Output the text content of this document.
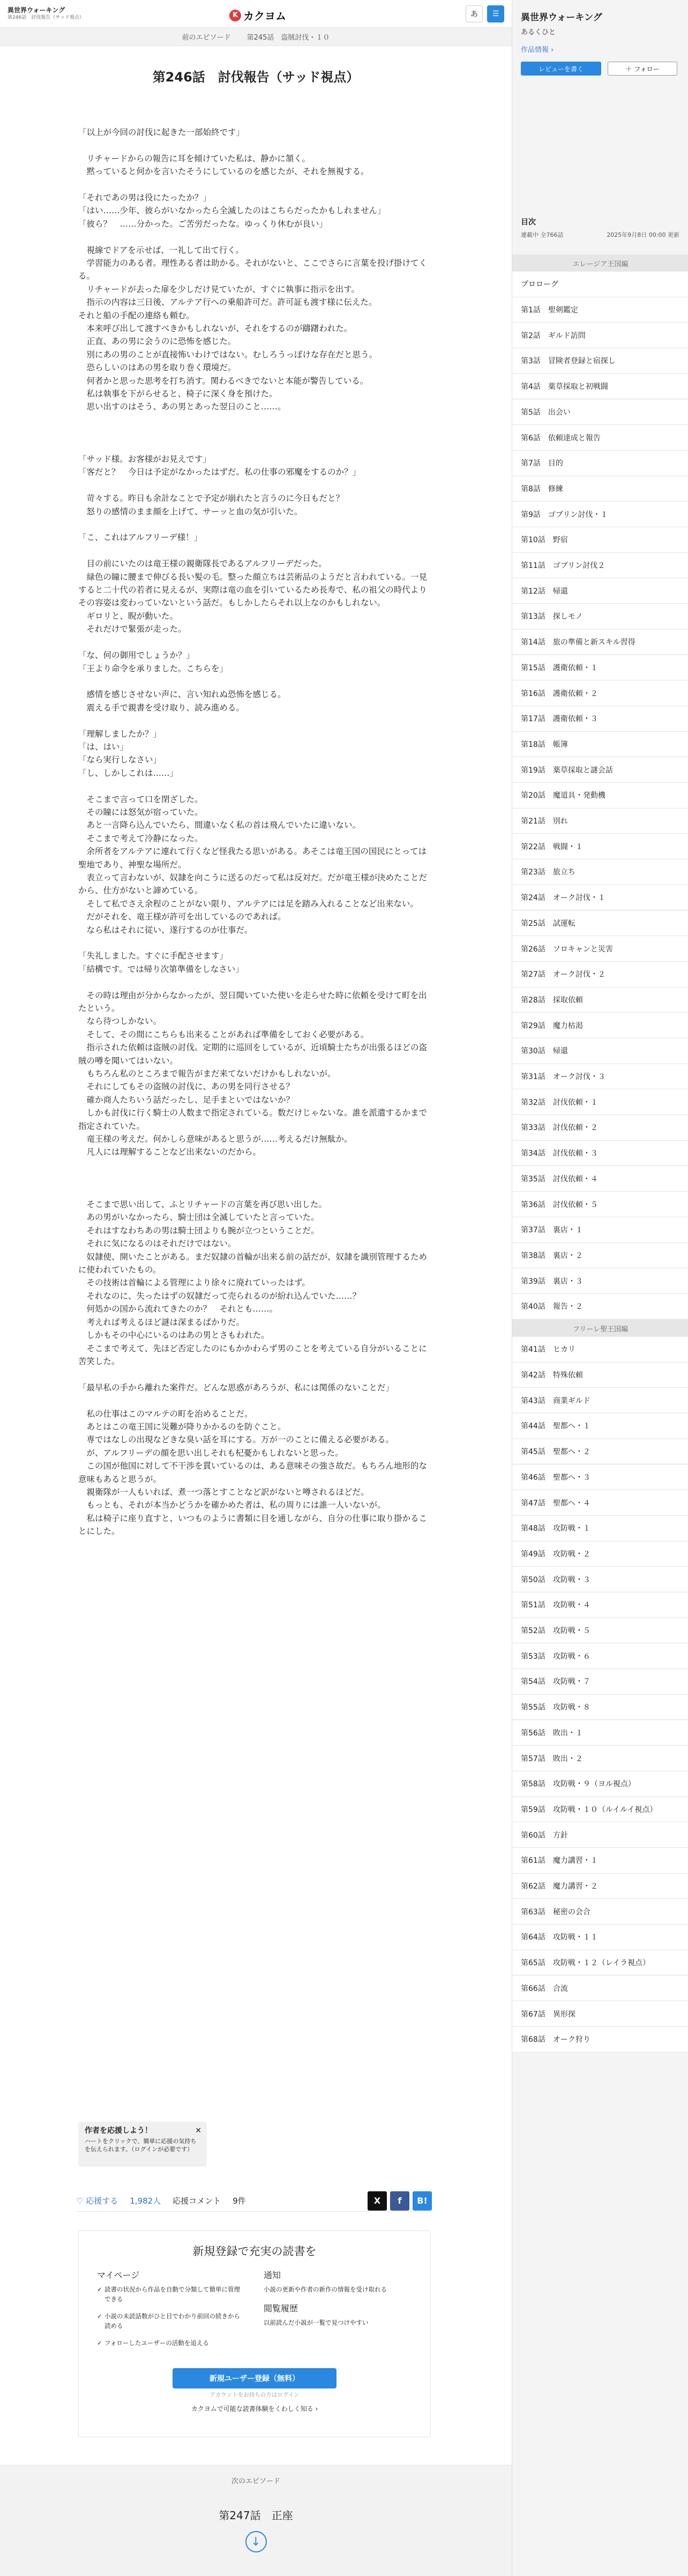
異世界ウォーキング
第246話　討伐報告（サッド視点）	K カクヨム	あ	☰
前のエピソード 第245話　盗賊討伐・１０
第246話　討伐報告（サッド視点）

「以上が今回の討伐に起きた一部始終です」

　リチャードからの報告に耳を傾けていた私は、静かに頷く。

　黙っていると何かを言いたそうにしているのを感じたが、それを無視する。

「それであの男は役にたったか？」

「はい……少年、彼らがいなかったら全滅したのはこちらだったかもしれません」

「彼ら？　……分かった。ご苦労だったな。ゆっくり休むが良い」

　視線でドアを示せば、一礼して出て行く。

　学習能力のある者。理性ある者は助かる。それがないと、ここでさらに言葉を投げ掛けてくる。

　リチャードが去った扉を少しだけ見ていたが、すぐに執事に指示を出す。

　指示の内容は三日後、アルテア行への乗船許可だ。許可証も渡す様に伝えた。

それと船の手配の連絡も頼む。

　本来呼び出して渡すべきかもしれないが、それをするのが躊躇われた。

　正直、あの男に会うのに恐怖を感じた。

　別にあの男のことが直接怖いわけではない。むしろうっぽけな存在だと思う。

　恐らしいのはあの男を取り巻く環境だ。

　何者かと思った思考を打ち消す。関わるべきでないと本能が警告している。

　私は執事を下がらせると、椅子に深く身を預けた。

　思い出すのはそう、あの男とあった翌日のこと……。

「サッド様。お客様がお見えです」

「客だと？　今日は予定がなかったはずだ。私の仕事の邪魔をするのか？」

　苛々する。昨日も余計なことで予定が崩れたと言うのに今日もだと？

　怒りの感情のまま顔を上げて、サーッと血の気が引いた。

「こ、これはアルフリーデ様！」

　目の前にいたのは竜王様の親衛隊長であるアルフリーデだった。

　緑色の瞳に腰まで伸びる長い髪の毛。整った顔立ちは芸術品のようだと言われている。一見すると二十代の若者に見えるが、実際は竜の血を引いているため長寿で、私の祖父の時代よりその容姿は変わっていないという話だ。もしかしたらそれ以上なのかもしれない。

　ギロリと、睨が動いた。

　それだけで緊張が走った。

「な、何の御用でしょうか？」

「王より命令を承りました。こちらを」

　感情を感じさせない声に、言い知れぬ恐怖を感じる。

　震える手で親書を受け取り、読み進める。

「理解しましたか？」

「は、はい」

「なら実行しなさい」

「し、しかしこれは……」

　そこまで言って口を閉ざした。

　その瞳には怒気が宿っていた。

　あと一言降ら込んでいたら、間違いなく私の首は飛んでいたに違いない。

　そこまで考えて冷静になった。

　余所者をアルテアに連れて行くなど怪我たる思いがある。あそこは竜王国の国民にとっては聖地であり、神聖な場所だ。

　表立って言わないが、奴隷を向こうに送るのだって私は反対だ。だが竜王様が決めたことだから、仕方がないと諦めている。

　そして私でさえ余程のことがない限り、アルテアには足を踏み入れることなど出来ない。

　だがそれを、竜王様が許可を出しているのであれば。

　なら私はそれに従い、遂行するのが仕事だ。

「失礼しました。すぐに手配させます」

「結構です。では帰り次第準備をしなさい」

　その時は理由が分からなかったが、翌日聞いていた使いを走らせた時に依頼を受けて町を出たという。

　なら待つしかない。

　そして、その間にこちらも出来ることがあれば準備をしておく必要がある。

　指示された依頼は盗賊の討伐。定期的に巡回をしているが、近頃騎士たちが出張るほどの盗賊の噂を聞いてはいない。

　もちろん私のところまで報告がまだ来てないだけかもしれないが。

　それにしてもその盗賊の討伐に、あの男を同行させる？

　確か商人たちいう話だったし、足手まといではないか？

　しかも討伐に行く騎士の人数まで指定されている。数だけじゃないな。誰を派遣するかまで指定されていた。

　竜王様の考えだ。何かしら意味があると思うが……考えるだけ無駄か。

　凡人には理解することなど出来ないのだから。

　そこまで思い出して、ふとリチャードの言葉を再び思い出した。

　あの男がいなかったら、騎士団は全滅していたと言っていた。

　それはすなわちあの男は騎士団よりも腕が立つということだ。

　それに気になるのはそれだけではない。

　奴隷使、開いたことがある。まだ奴隷の首輪が出来る前の話だが、奴隷を識別管理するために使われていたもの。

　その技術は首輪による管理により徐々に廃れていったはず。

　それなのに、失ったはずの奴隷だって売られるのが紛れ込んでいた……？

　何処かの国から流れてきたのか？　それとも……。

　考えれば考えるほど謎は深まるばかりだ。

　しかもその中心にいるのはあの男とさもわれた。

　そこまで考えて、先ほど否定したのにもかかわらず男のことを考えている自分がいることに苦笑した。

「最早私の手から離れた案件だ。どんな思惑があろうが、私には関係のないことだ」

　私の仕事はこのマルテの町を治めることだ。

　あとはこの竜王国に災難が降りかかるのを防ぐこと。

　専ではなしの出現などきな臭い話を耳にする。万が一のことに備える必要がある。

　が、アルフリーデの顔を思い出しそれも杞憂かもしれないと思った。

　この国が他国に対して不干渉を貫いているのは、ある意味その強さ故だ。もちろん地形的な意味もあると思うが。

　親衛隊が一人もいれば、煮一つ落とすことなど訳がないと噂されるほどだ。

　もっとも、それが本当かどうかを確かめた者は、私の周りには誰一人いないが。

　私は椅子に座り直すと、いつものように書類に目を通しながら、自分の仕事に取り掛かることにした。

作者を応援しよう！
ハートをクリックで、簡単に応援の気持ちを伝えられます。（ログインが必要です）
✕
♡ 応援する 1,982人 応援コメント 9件	X	f	B!
新規登録で充実の読書を
マイページ
✓ 読書の状況から作品を自動で分類して簡単に管理できる
✓ 小説の未読話数がひと目でわかり前回の続きから読める
✓ フォローしたユーザーの活動を追える
通知
小説の更新や作者の新作の情報を受け取れる
閲覧履歴
以前読んだ小説が一覧で見つけやすい
新規ユーザー登録（無料）
アカウントをお持ちの方はログイン
カクヨムで可能な読書体験をくわしく知る ›
次のエピソード
第247話　正座
↓
異世界ウォーキング
あるくひと
作品情報 ›
レビューを書く	＋ フォロー
目次
連載中 全766話	2025年9月8日 00:00 更新
エレージア王国編
プロローグ
第1話　聖剣鑑定
第2話　ギルド訪問
第3話　冒険者登録と宿探し
第4話　薬草採取と初戦闘
第5話　出会い
第6話　依頼達成と報告
第7話　目的
第8話　修練
第9話　ゴブリン討伐・１
第10話　野宿
第11話　ゴブリン討伐２
第12話　帰還
第13話　探しモノ
第14話　旅の準備と新スキル習得
第15話　護衛依頼・１
第16話　護衛依頼・２
第17話　護衛依頼・３
第18話　帳簿
第19話　薬草採取と謎会話
第20話　魔道具・発動機
第21話　別れ
第22話　戦闘・１
第23話　旅立ち
第24話　オーク討伐・１
第25話　試運転
第26話　ソロキャンと災害
第27話　オーク討伐・２
第28話　採取依頼
第29話　魔力枯渇
第30話　帰還
第31話　オーク討伐・３
第32話　討伐依頼・１
第33話　討伐依頼・２
第34話　討伐依頼・３
第35話　討伐依頼・４
第36話　討伐依頼・５
第37話　裏店・１
第38話　裏店・２
第39話　裏店・３
第40話　報告・２
フリーレ聖王国編
第41話　ヒカリ
第42話　特殊依頼
第43話　商業ギルド
第44話　聖都へ・１
第45話　聖都へ・２
第46話　聖都へ・３
第47話　聖都へ・４
第48話　攻防戦・１
第49話　攻防戦・２
第50話　攻防戦・３
第51話　攻防戦・４
第52話　攻防戦・５
第53話　攻防戦・６
第54話　攻防戦・７
第55話　攻防戦・８
第56話　敗出・１
第57話　敗出・２
第58話　攻防戦・９（ヨル視点）
第59話　攻防戦・１０（ルイルイ視点）
第60話　方針
第61話　魔力講習・１
第62話　魔力講習・２
第63話　秘密の会合
第64話　攻防戦・１１
第65話　攻防戦・１２（レイラ視点）
第66話　合流
第67話　異形探
第68話　オーク狩り
